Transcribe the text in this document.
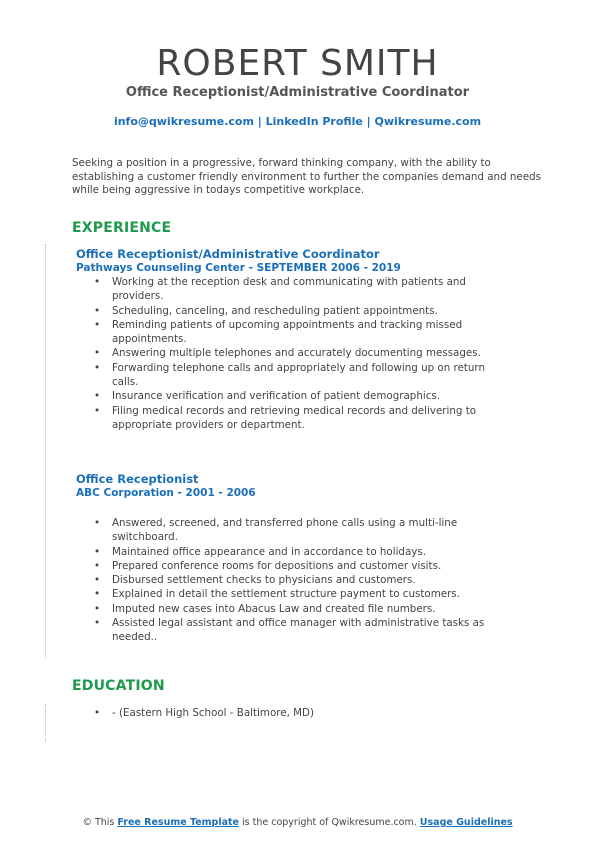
ROBERT SMITH
Office Receptionist/Administrative Coordinator
info@qwikresume.com | LinkedIn Profile | Qwikresume.com
Seeking a position in a progressive, forward thinking company, with the ability to establishing a customer friendly environment to further the companies demand and needs while being aggressive in todays competitive workplace.
EXPERIENCE
Office Receptionist/Administrative Coordinator
Pathways Counseling Center - SEPTEMBER 2006 - 2019
• Working at the reception desk and communicating with patients and providers.
• Scheduling, canceling, and rescheduling patient appointments.
• Reminding patients of upcoming appointments and tracking missed appointments.
• Answering multiple telephones and accurately documenting messages.
• Forwarding telephone calls and appropriately and following up on return calls.
• Insurance verification and verification of patient demographics.
• Filing medical records and retrieving medical records and delivering to appropriate providers or department.
Office Receptionist
ABC Corporation - 2001 - 2006
• Answered, screened, and transferred phone calls using a multi-line switchboard.
• Maintained office appearance and in accordance to holidays.
• Prepared conference rooms for depositions and customer visits.
• Disbursed settlement checks to physicians and customers.
• Explained in detail the settlement structure payment to customers.
• Imputed new cases into Abacus Law and created file numbers.
• Assisted legal assistant and office manager with administrative tasks as needed..
EDUCATION
• - (Eastern High School - Baltimore, MD)
© This Free Resume Template is the copyright of Qwikresume.com. Usage Guidelines
